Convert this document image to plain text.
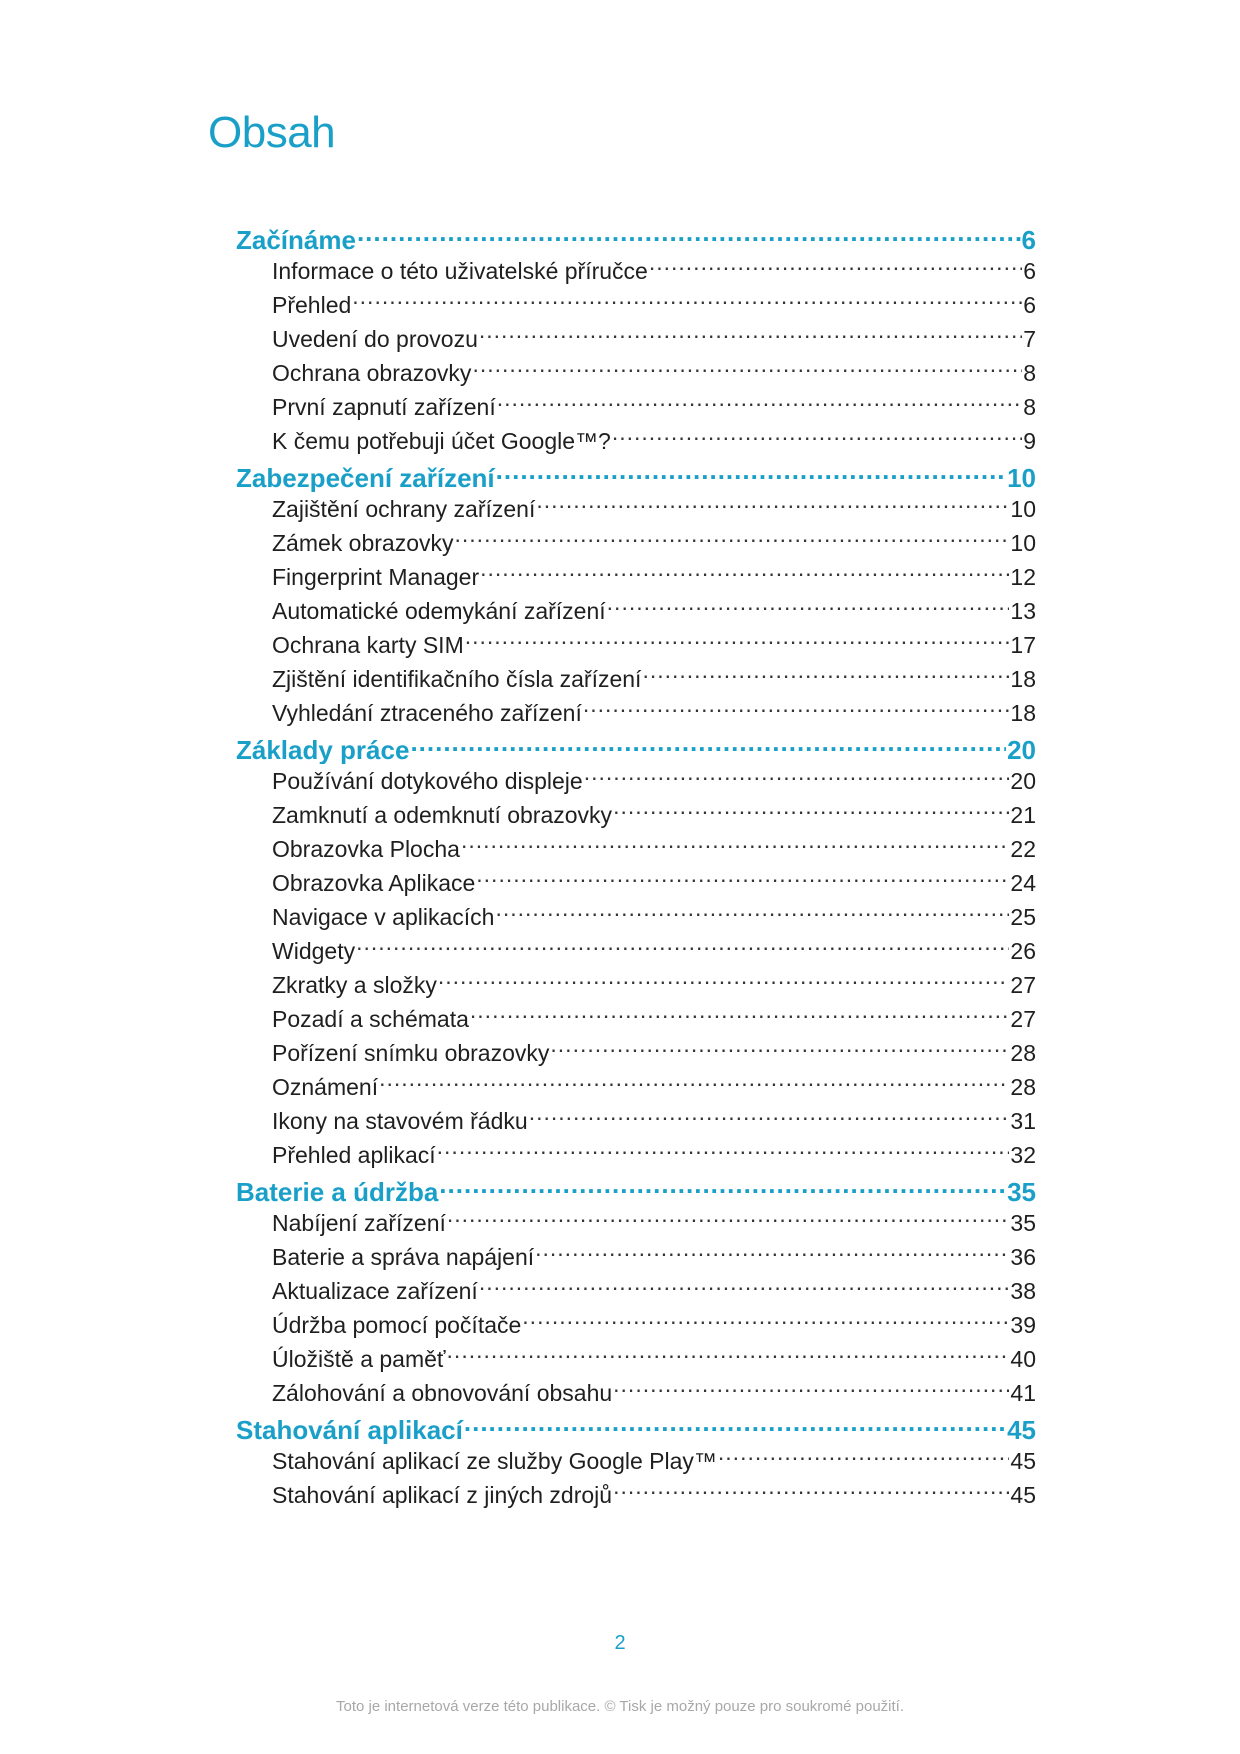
Obsah
Začínáme .....	6
Informace o této uživatelské příručce .....	6
Přehled .....	6
Uvedení do provozu .....	7
Ochrana obrazovky .....	8
První zapnutí zařízení .....	8
K čemu potřebuji účet Google™? .....	9
Zabezpečení zařízení .....	10
Zajištění ochrany zařízení .....	10
Zámek obrazovky .....	10
Fingerprint Manager .....	12
Automatické odemykání zařízení .....	13
Ochrana karty SIM .....	17
Zjištění identifikačního čísla zařízení .....	18
Vyhledání ztraceného zařízení .....	18
Základy práce .....	20
Používání dotykového displeje .....	20
Zamknutí a odemknutí obrazovky .....	21
Obrazovka Plocha .....	22
Obrazovka Aplikace .....	24
Navigace v aplikacích .....	25
Widgety .....	26
Zkratky a složky .....	27
Pozadí a schémata .....	27
Pořízení snímku obrazovky .....	28
Oznámení .....	28
Ikony na stavovém řádku .....	31
Přehled aplikací .....	32
Baterie a údržba .....	35
Nabíjení zařízení .....	35
Baterie a správa napájení .....	36
Aktualizace zařízení .....	38
Údržba pomocí počítače .....	39
Úložiště a paměť .....	40
Zálohování a obnovování obsahu .....	41
Stahování aplikací .....	45
Stahování aplikací ze služby Google Play™ .....	45
Stahování aplikací z jiných zdrojů .....	45
2
Toto je internetová verze této publikace. © Tisk je možný pouze pro soukromé použití.
